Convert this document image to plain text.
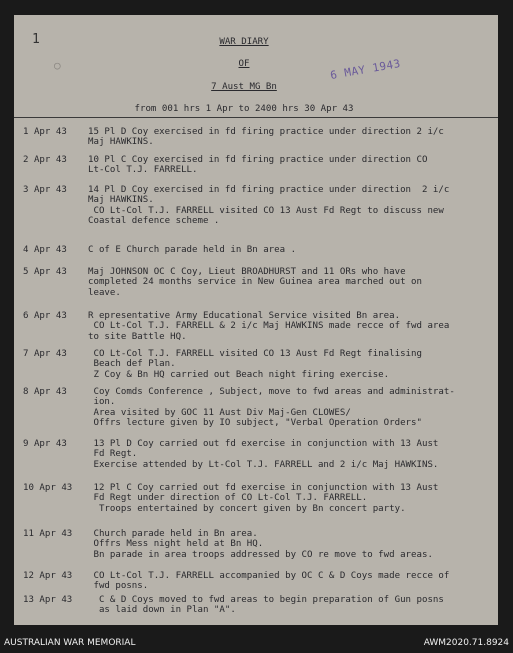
1
○
WAR DIARY
OF
7 Aust MG Bn
from 001 hrs 1 Apr to 2400 hrs 30 Apr 43
6 MAY 1943
1 Apr 43	15 Pl D Coy exercised in fd firing practice under direction 2 i/c
Maj HAWKINS.
2 Apr 43	10 Pl C Coy exercised in fd firing practice under direction CO
Lt-Col T.J. FARRELL.
3 Apr 43	14 Pl D Coy exercised in fd firing practice under direction  2 i/c
Maj HAWKINS.
CO Lt-Col T.J. FARRELL visited CO 13 Aust Fd Regt to discuss new
Coastal defence scheme .
4 Apr 43	C of E Church parade held in Bn area .
5 Apr 43	Maj JOHNSON OC C Coy, Lieut BROADHURST and 11 ORs who have
completed 24 months service in New Guinea area marched out on
leave.
6 Apr 43	R epresentative Army Educational Service visited Bn area.
CO Lt-Col T.J. FARRELL & 2 i/c Maj HAWKINS made recce of fwd area
to site Battle HQ.
7 Apr 43	CO Lt-Col T.J. FARRELL visited CO 13 Aust Fd Regt finalising
Beach def Plan.
Z Coy & Bn HQ carried out Beach night firing exercise.
8 Apr 43	Coy Comds Conference , Subject, move to fwd areas and administrat-
ion.
Area visited by GOC 11 Aust Div Maj-Gen CLOWES/
Offrs lecture given by IO subject, "Verbal Operation Orders"
9 Apr 43	13 Pl D Coy carried out fd exercise in conjunction with 13 Aust
Fd Regt.
Exercise attended by Lt-Col T.J. FARRELL and 2 i/c Maj HAWKINS.
10 Apr 43	12 Pl C Coy carried out fd exercise in conjunction with 13 Aust
Fd Regt under direction of CO Lt-Col T.J. FARRELL.
Troops entertained by concert given by Bn concert party.
11 Apr 43	Church parade held in Bn area.
Offrs Mess night held at Bn HQ.
Bn parade in area troops addressed by CO re move to fwd areas.
12 Apr 43	CO Lt-Col T.J. FARRELL accompanied by OC C & D Coys made recce of
fwd posns.
13 Apr 43	C & D Coys moved to fwd areas to begin preparation of Gun posns
as laid down in Plan "A".
AUSTRALIAN WAR MEMORIAL	AWM2020.71.8924
